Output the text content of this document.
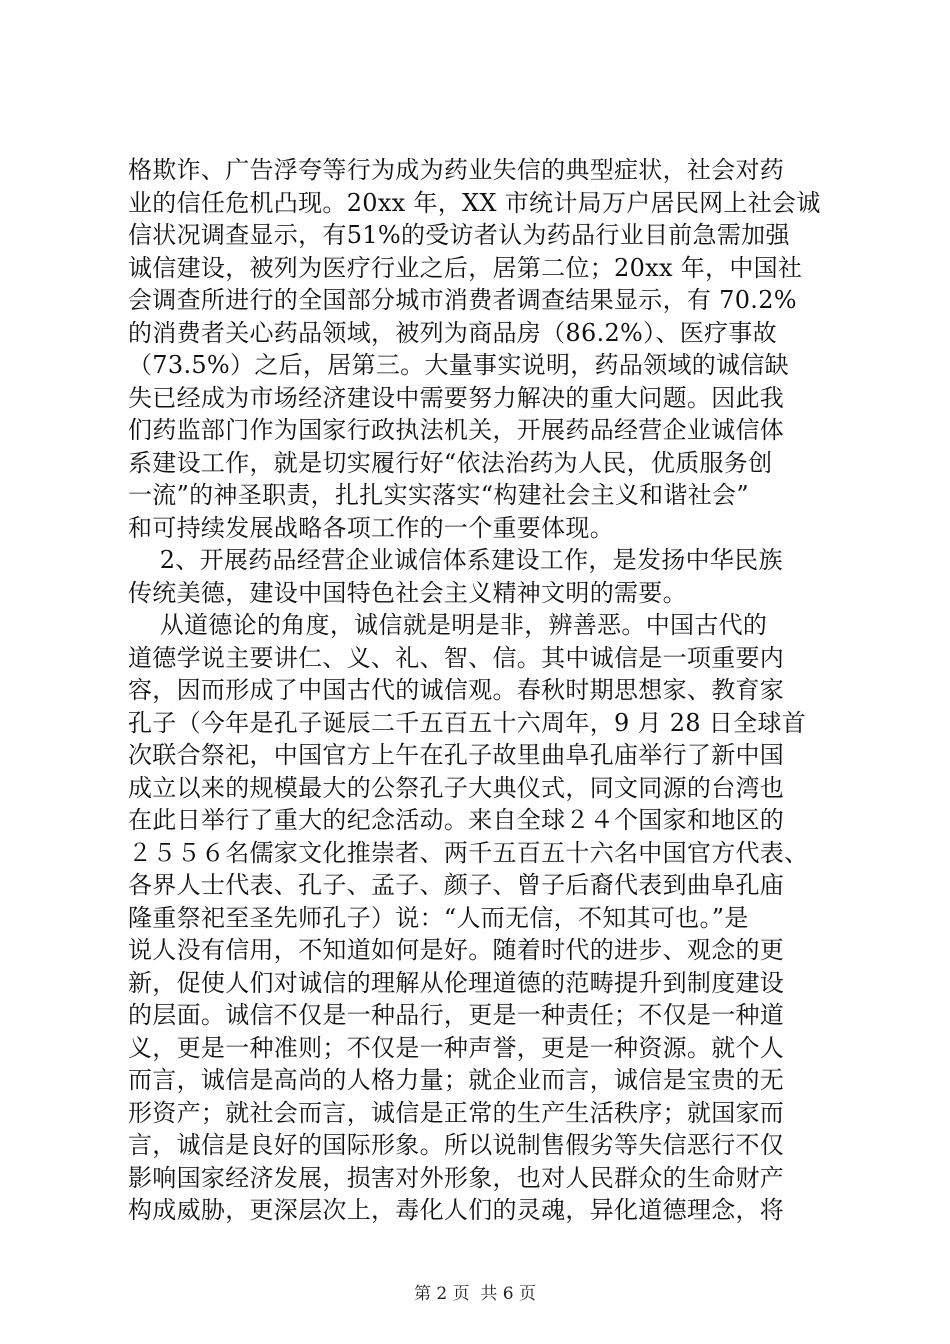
格欺诈、广告浮夸等行为成为药业失信的典型症状，社会对药
业的信任危机凸现。20xx 年，XX 市统计局万户居民网上社会诚
信状况调查显示，有51%的受访者认为药品行业目前急需加强
诚信建设，被列为医疗行业之后，居第二位；20xx 年，中国社
会调查所进行的全国部分城市消费者调查结果显示，有 70.2%
的消费者关心药品领域，被列为商品房（86.2%）、医疗事故
（73.5%）之后，居第三。大量事实说明，药品领域的诚信缺
失已经成为市场经济建设中需要努力解决的重大问题。因此我
们药监部门作为国家行政执法机关，开展药品经营企业诚信体
系建设工作，就是切实履行好“依法治药为人民，优质服务创
一流”的神圣职责，扎扎实实落实“构建社会主义和谐社会”
和可持续发展战略各项工作的一个重要体现。
2、开展药品经营企业诚信体系建设工作，是发扬中华民族
传统美德，建设中国特色社会主义精神文明的需要。
从道德论的角度，诚信就是明是非，辨善恶。中国古代的
道德学说主要讲仁、义、礼、智、信。其中诚信是一项重要内
容，因而形成了中国古代的诚信观。春秋时期思想家、教育家
孔子（今年是孔子诞辰二千五百五十六周年，9 月 28 日全球首
次联合祭祀，中国官方上午在孔子故里曲阜孔庙举行了新中国
成立以来的规模最大的公祭孔子大典仪式，同文同源的台湾也
在此日举行了重大的纪念活动。来自全球２４个国家和地区的
２５５６名儒家文化推崇者、两千五百五十六名中国官方代表、
各界人士代表、孔子、孟子、颜子、曾子后裔代表到曲阜孔庙
隆重祭祀至圣先师孔子）说：“人而无信，不知其可也。”是
说人没有信用，不知道如何是好。随着时代的进步、观念的更
新，促使人们对诚信的理解从伦理道德的范畴提升到制度建设
的层面。诚信不仅是一种品行，更是一种责任；不仅是一种道
义，更是一种准则；不仅是一种声誉，更是一种资源。就个人
而言，诚信是高尚的人格力量；就企业而言，诚信是宝贵的无
形资产；就社会而言，诚信是正常的生产生活秩序；就国家而
言，诚信是良好的国际形象。所以说制售假劣等失信恶行不仅
影响国家经济发展，损害对外形象，也对人民群众的生命财产
构成威胁，更深层次上，毒化人们的灵魂，异化道德理念，将
第 2 页  共 6 页
